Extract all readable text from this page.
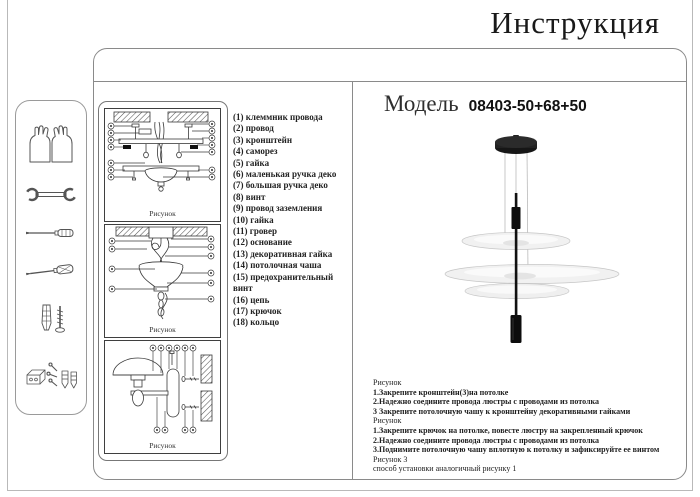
Инструкция
Модель 08403-50+68+50
Рисунок
Рисунок
Рисунок
(1) клеммник провода
(2) провод
(3) кронштейн
(4) саморез
(5) гайка
(6) маленькая ручка деко
(7) большая ручка деко
(8) винт
(9) провод заземления
(10) гайка
(11) гровер
(12) основание
(13) декоративная гайка
(14) потолочная чаша
(15) предохранительный
винт
(16) цепь
(17) крючок
(18) кольцо
Рисунок
1.Закрепите кронштейн(3)на потолке
2.Надежно соедините провода люстры с проводами из потолка
3 Закрепите потолочную чашу к кронштейну декоративными гайками
Рисунок
1.Закрепите крючок на потолке, повесте люстру на закрепленный крючок
2.Надежно соедините провода люстры с проводами из потолка
3.Поднимите потолочную чашу вплотную к потолку и зафиксируйте ее винтом
Рисунок 3
способ установки аналогичный рисунку 1
